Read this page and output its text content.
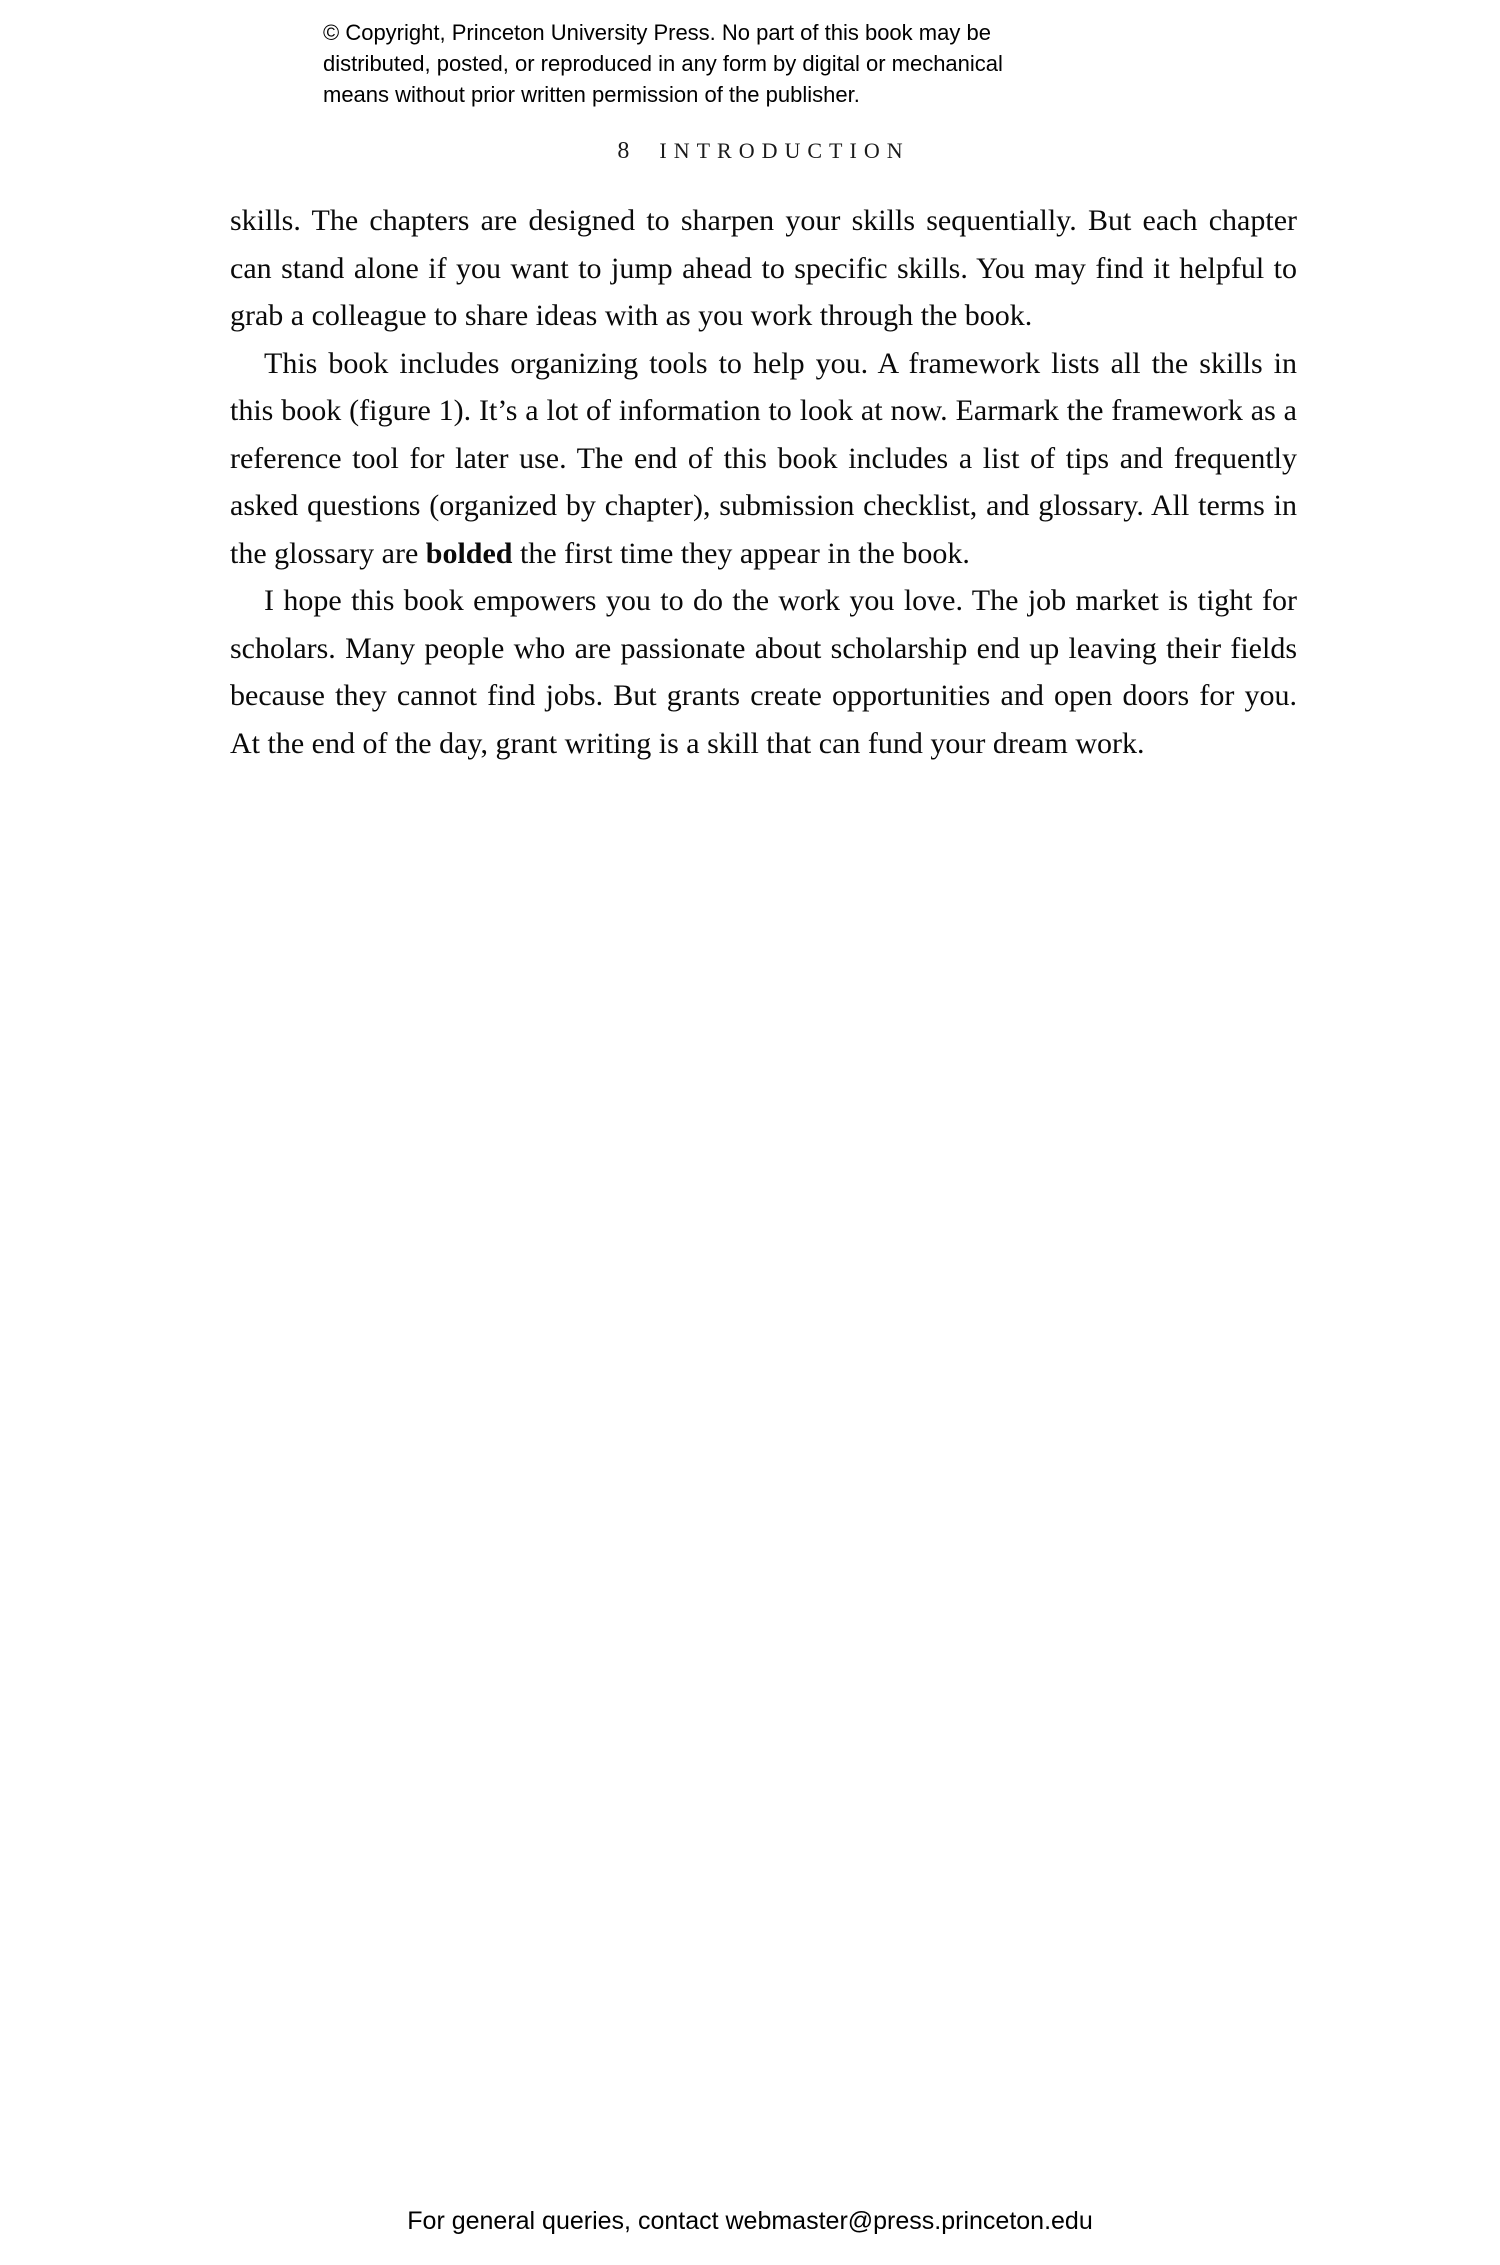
© Copyright, Princeton University Press. No part of this book may be
distributed, posted, or reproduced in any form by digital or mechanical
means without prior written permission of the publisher.
8 INTRODUCTION

skills. The chapters are designed to sharpen your skills sequentially. But each chapter can stand alone if you want to jump ahead to specific skills. You may find it helpful to grab a colleague to share ideas with as you work through the book.

This book includes organizing tools to help you. A framework lists all the skills in this book (figure 1). It’s a lot of information to look at now. Earmark the framework as a reference tool for later use. The end of this book includes a list of tips and frequently asked questions (organized by chapter), submission checklist, and glossary. All terms in the glossary are bolded the first time they appear in the book.

I hope this book empowers you to do the work you love. The job market is tight for scholars. Many people who are passionate about scholarship end up leaving their fields because they cannot find jobs. But grants create opportunities and open doors for you. At the end of the day, grant writing is a skill that can fund your dream work.

For general queries, contact webmaster@press.princeton.edu
